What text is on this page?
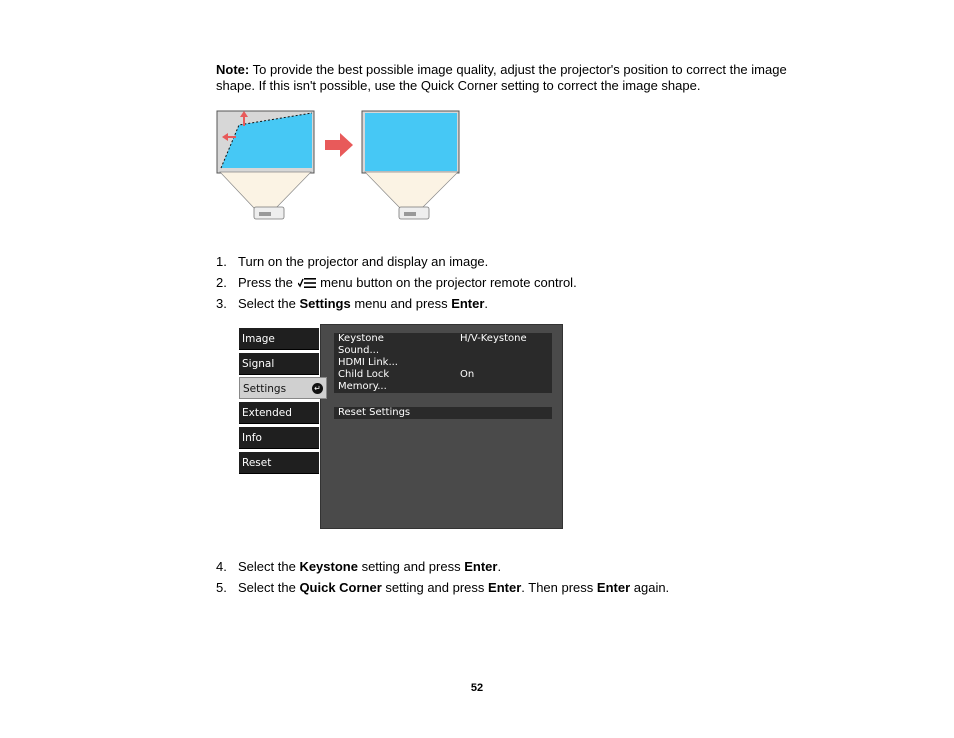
Note: To provide the best possible image quality, adjust the projector's position to correct the image
shape. If this isn't possible, use the Quick Corner setting to correct the image shape.
1. Turn on the projector and display an image.
2. Press the  menu button on the projector remote control.
3. Select the Settings menu and press Enter.
4. Select the Keystone setting and press Enter.
5. Select the Quick Corner setting and press Enter. Then press Enter again.
Image
Signal
Settings	↵
Extended
Info
Reset
Keystone	H/V-Keystone
Sound...
HDMI Link...
Child Lock	On
Memory...
Reset Settings
52
